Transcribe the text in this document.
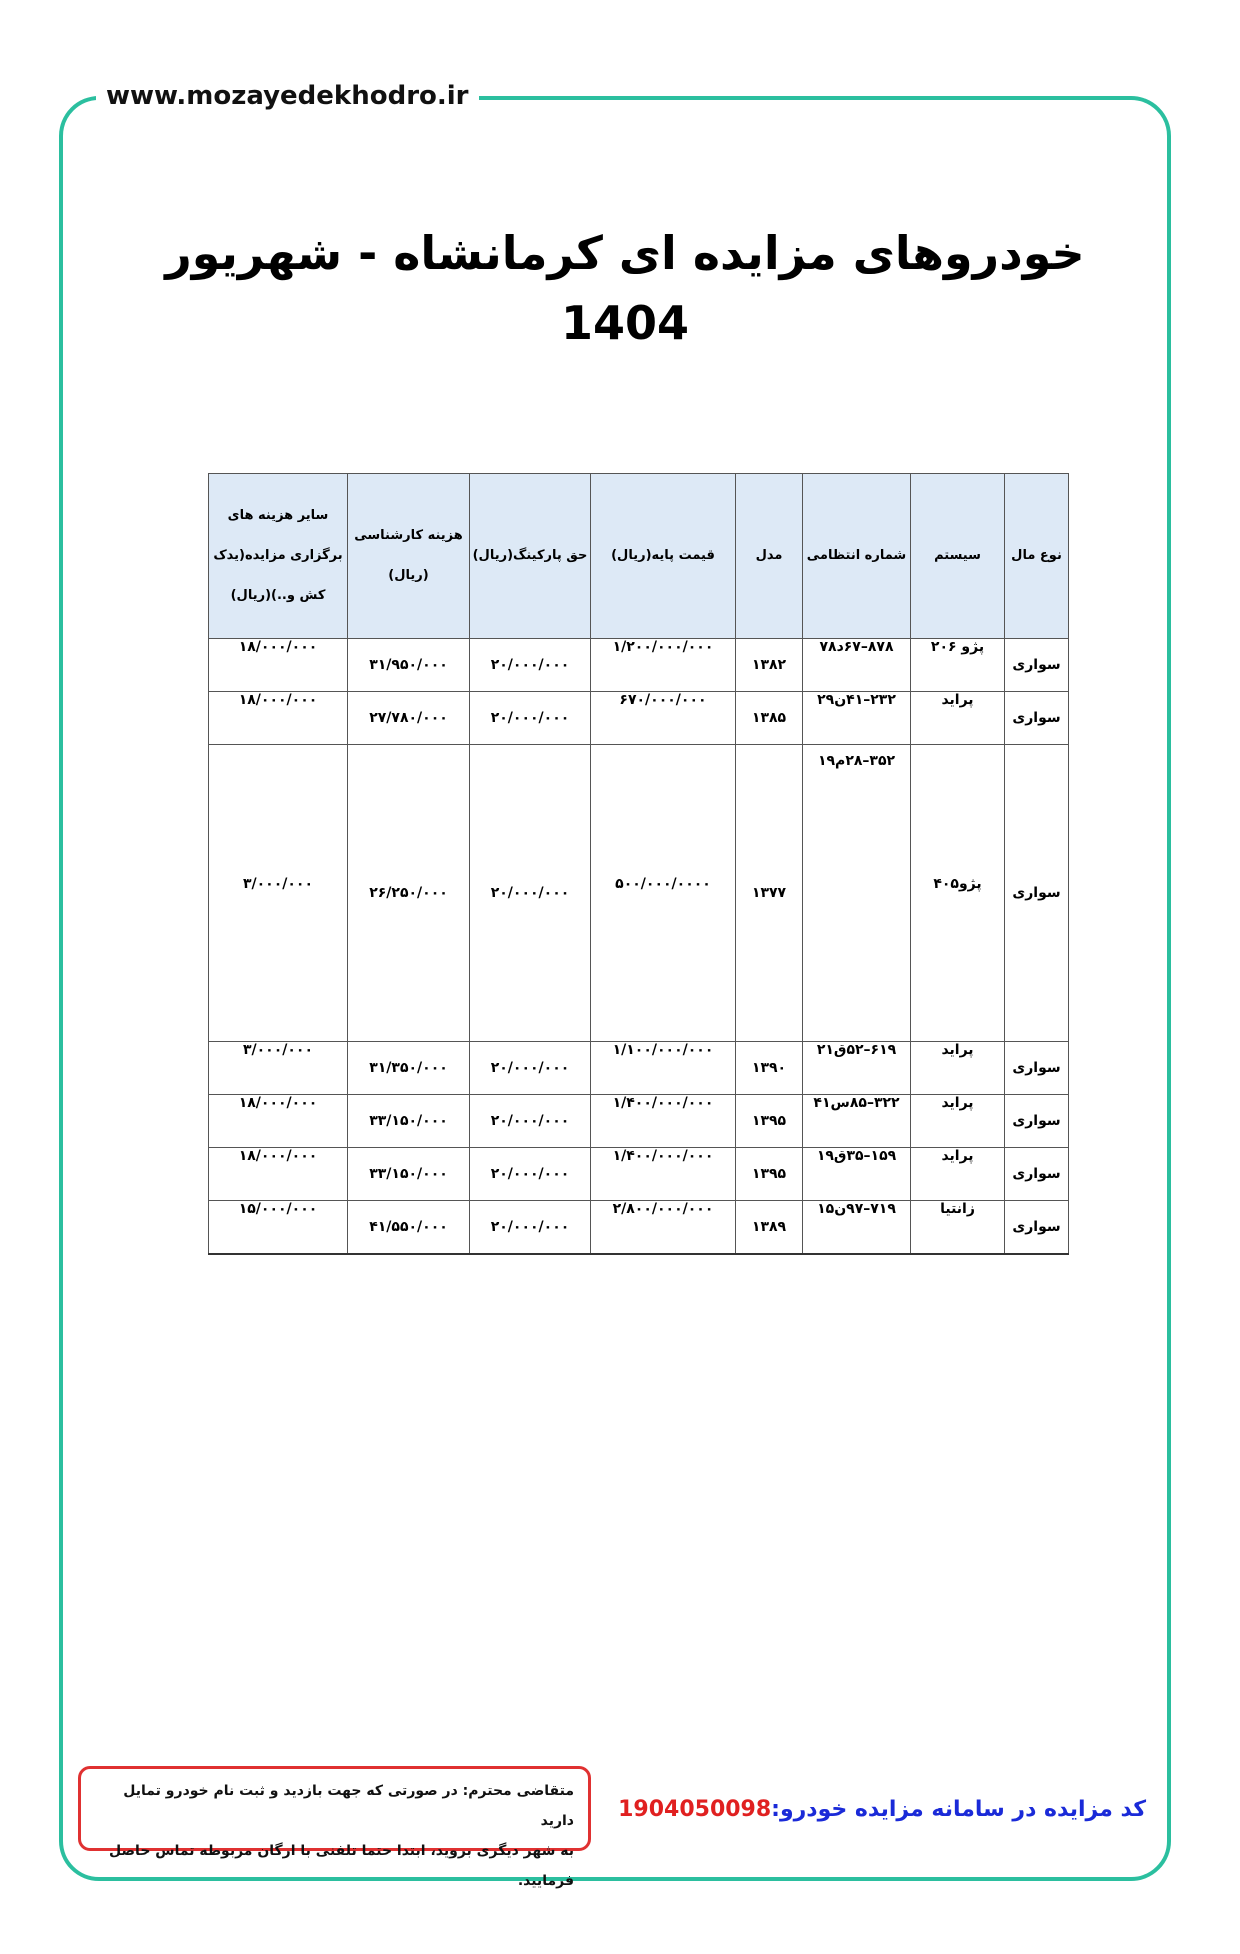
www.mozayedekhodro.ir
خودروهای مزایده ای کرمانشاه - شهریور 1404
نوع مال	سیستم	شماره انتظامی	مدل	قیمت پایه(ریال)	حق پارکینگ(ریال)	هزینه کارشناسی (ریال)	سایر هزینه های برگزاری مزایده(یدک کش و..)(ریال)
سواری	پژو ۲۰۶	۸۷۸–۶۷د۷۸	۱۳۸۲	۱/۲۰۰/۰۰۰/۰۰۰	۲۰/۰۰۰/۰۰۰	۳۱/۹۵۰/۰۰۰	۱۸/۰۰۰/۰۰۰
سواری	پراید	۲۳۲–۴۱ن۲۹	۱۳۸۵	۶۷۰/۰۰۰/۰۰۰	۲۰/۰۰۰/۰۰۰	۲۷/۷۸۰/۰۰۰	۱۸/۰۰۰/۰۰۰
سواری	پژو۴۰۵	۳۵۲–۲۸م۱۹	۱۳۷۷	۵۰۰/۰۰۰/۰۰۰۰	۲۰/۰۰۰/۰۰۰	۲۶/۲۵۰/۰۰۰	۳/۰۰۰/۰۰۰
سواری	پراید	۶۱۹–۵۲ق۲۱	۱۳۹۰	۱/۱۰۰/۰۰۰/۰۰۰	۲۰/۰۰۰/۰۰۰	۳۱/۳۵۰/۰۰۰	۳/۰۰۰/۰۰۰
سواری	پراید	۳۲۲–۸۵س۴۱	۱۳۹۵	۱/۴۰۰/۰۰۰/۰۰۰	۲۰/۰۰۰/۰۰۰	۳۳/۱۵۰/۰۰۰	۱۸/۰۰۰/۰۰۰
سواری	پراید	۱۵۹–۳۵ق۱۹	۱۳۹۵	۱/۴۰۰/۰۰۰/۰۰۰	۲۰/۰۰۰/۰۰۰	۳۳/۱۵۰/۰۰۰	۱۸/۰۰۰/۰۰۰
سواری	زانتیا	۷۱۹–۹۷ن۱۵	۱۳۸۹	۲/۸۰۰/۰۰۰/۰۰۰	۲۰/۰۰۰/۰۰۰	۴۱/۵۵۰/۰۰۰	۱۵/۰۰۰/۰۰۰
متقاضی محترم: در صورتی که جهت بازدید و ثبت نام خودرو تمایل دارید
به شهر دیگری بروید، ابتدا حتما تلفنی با ارگان مربوطه تماس حاصل فرمایید.
کد مزایده در سامانه مزایده خودرو:1904050098
